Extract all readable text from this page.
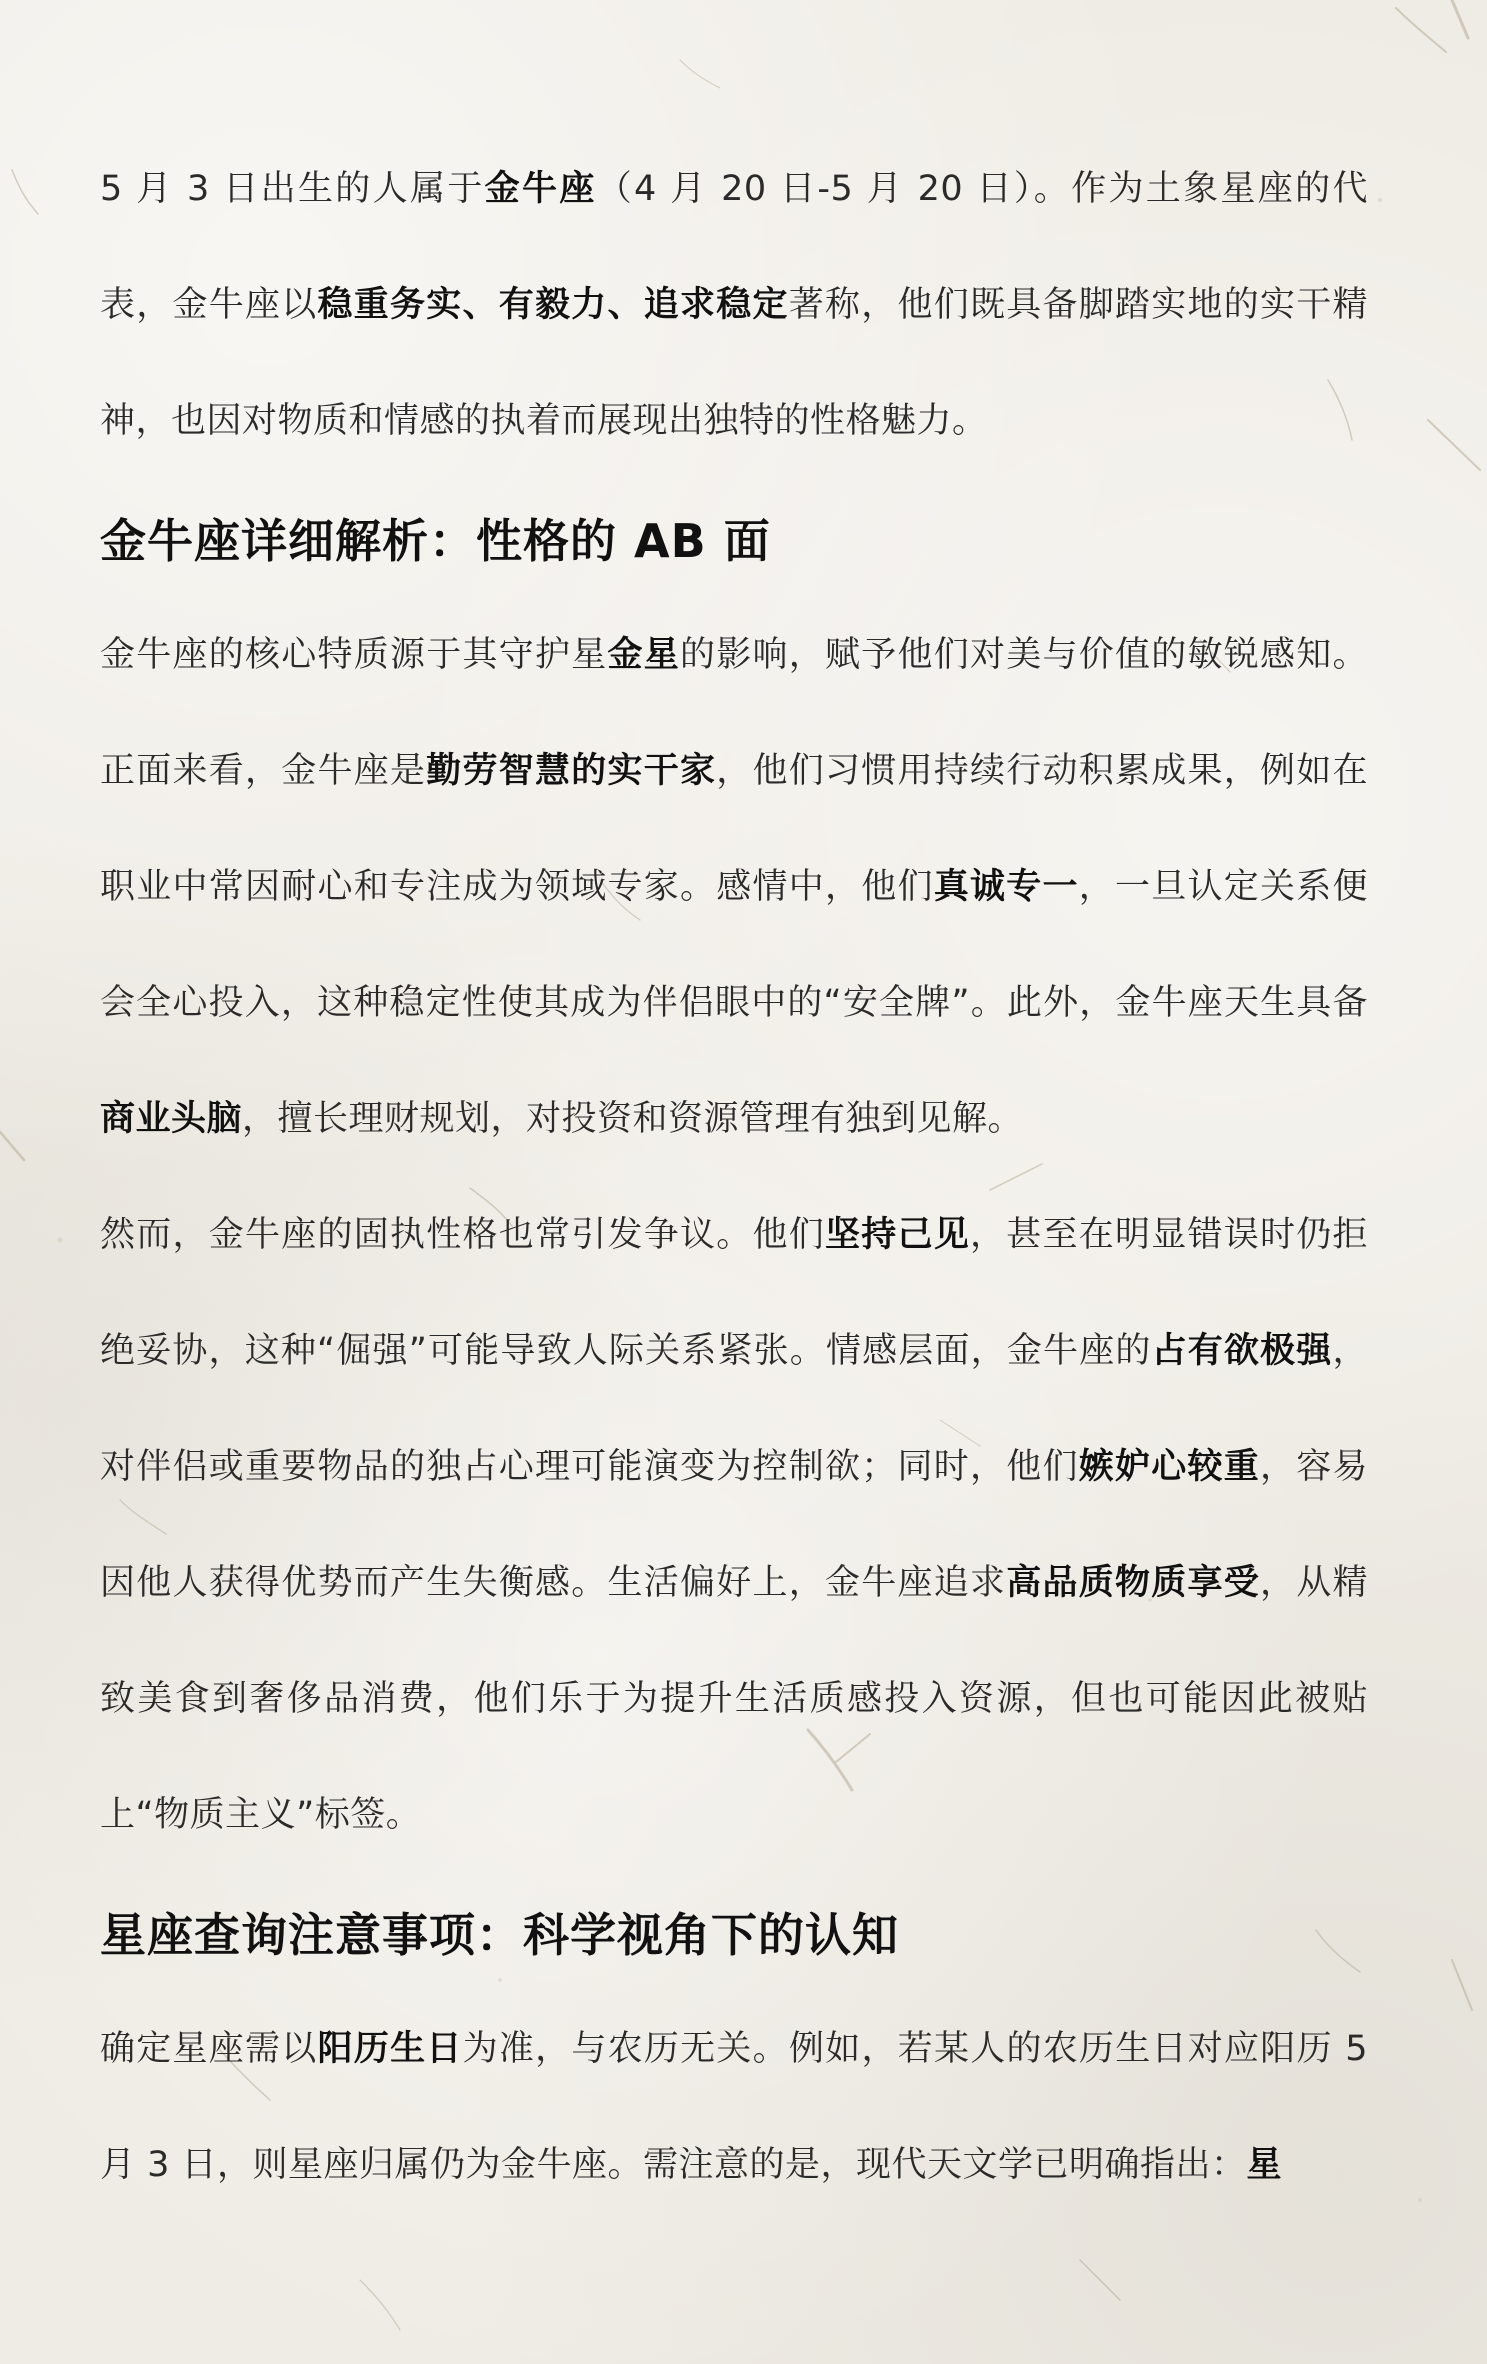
5 月 3 日出生的人属于金牛座（4 月 20 日-5 月 20 日）。作为土象星座的代表，金牛座以稳重务实、有毅力、追求稳定著称，他们既具备脚踏实地的实干精神，也因对物质和情感的执着而展现出独特的性格魅力。

金牛座详细解析：性格的 AB 面

金牛座的核心特质源于其守护星金星的影响，赋予他们对美与价值的敏锐感知。正面来看，金牛座是勤劳智慧的实干家，他们习惯用持续行动积累成果，例如在职业中常因耐心和专注成为领域专家。感情中，他们真诚专一，一旦认定关系便会全心投入，这种稳定性使其成为伴侣眼中的“安全牌”。此外，金牛座天生具备商业头脑，擅长理财规划，对投资和资源管理有独到见解。

然而，金牛座的固执性格也常引发争议。他们坚持己见，甚至在明显错误时仍拒绝妥协，这种“倔强”可能导致人际关系紧张。情感层面，金牛座的占有欲极强，对伴侣或重要物品的独占心理可能演变为控制欲；同时，他们嫉妒心较重，容易因他人获得优势而产生失衡感。生活偏好上，金牛座追求高品质物质享受，从精致美食到奢侈品消费，他们乐于为提升生活质感投入资源，但也可能因此被贴上“物质主义”标签。

星座查询注意事项：科学视角下的认知

确定星座需以阳历生日为准，与农历无关。例如，若某人的农历生日对应阳历 5 月 3 日，则星座归属仍为金牛座。需注意的是，现代天文学已明确指出：星
